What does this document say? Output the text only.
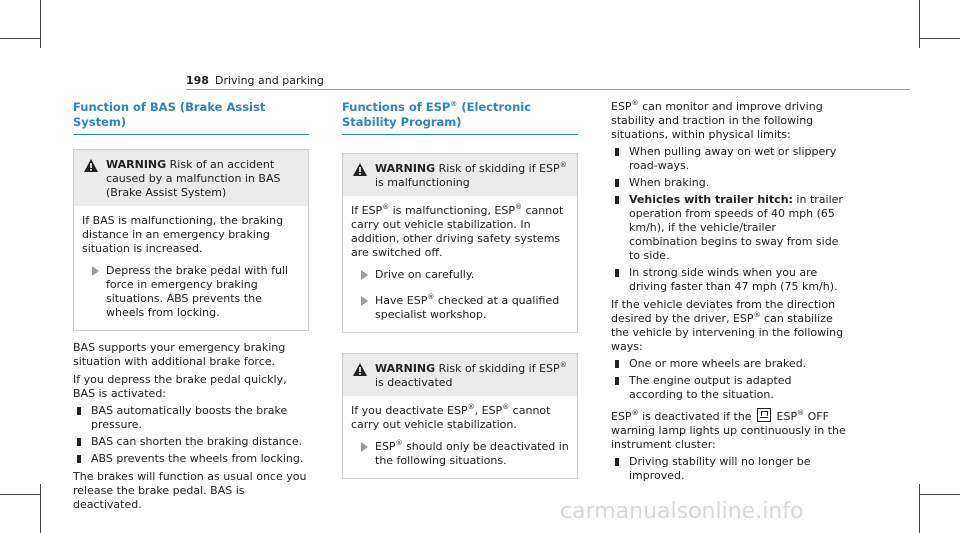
198 Driving and parking
Function of BAS (Brake Assist System)
WARNING Risk of an accident caused by a malfunction in BAS (Brake Assist System)
If BAS is malfunctioning, the braking distance in an emergency braking situation is increased.
Depress the brake pedal with full force in emergency braking situations. ABS prevents the wheels from locking.

BAS supports your emergency braking situation with additional brake force.

If you depress the brake pedal quickly, BAS is activated:

BAS automatically boosts the brake pressure.
BAS can shorten the braking distance.
ABS prevents the wheels from locking.

The brakes will function as usual once you release the brake pedal. BAS is deactivated.

Functions of ESP® (Electronic Stability Program)
WARNING Risk of skidding if ESP® is malfunctioning
If ESP® is malfunctioning, ESP® cannot carry out vehicle stabilization. In addition, other driving safety systems are switched off.
Drive on carefully.
Have ESP® checked at a qualified specialist workshop.
WARNING Risk of skidding if ESP® is deactivated
If you deactivate ESP®, ESP® cannot carry out vehicle stabilization.
ESP® should only be deactivated in the following situations.

ESP® can monitor and improve driving stability and traction in the following situations, within physical limits:

When pulling away on wet or slippery road-ways.
When braking.
Vehicles with trailer hitch: in trailer operation from speeds of 40 mph (65 km/h), if the vehicle/trailer combination begins to sway from side to side.
In strong side winds when you are driving faster than 47 mph (75 km/h).

If the vehicle deviates from the direction desired by the driver, ESP® can stabilize the vehicle by intervening in the following ways:

One or more wheels are braked.
The engine output is adapted according to the situation.

ESP® is deactivated if the  ESP® OFF warning lamp lights up continuously in the instrument cluster:

Driving stability will no longer be improved.
carmanualsonline.info
